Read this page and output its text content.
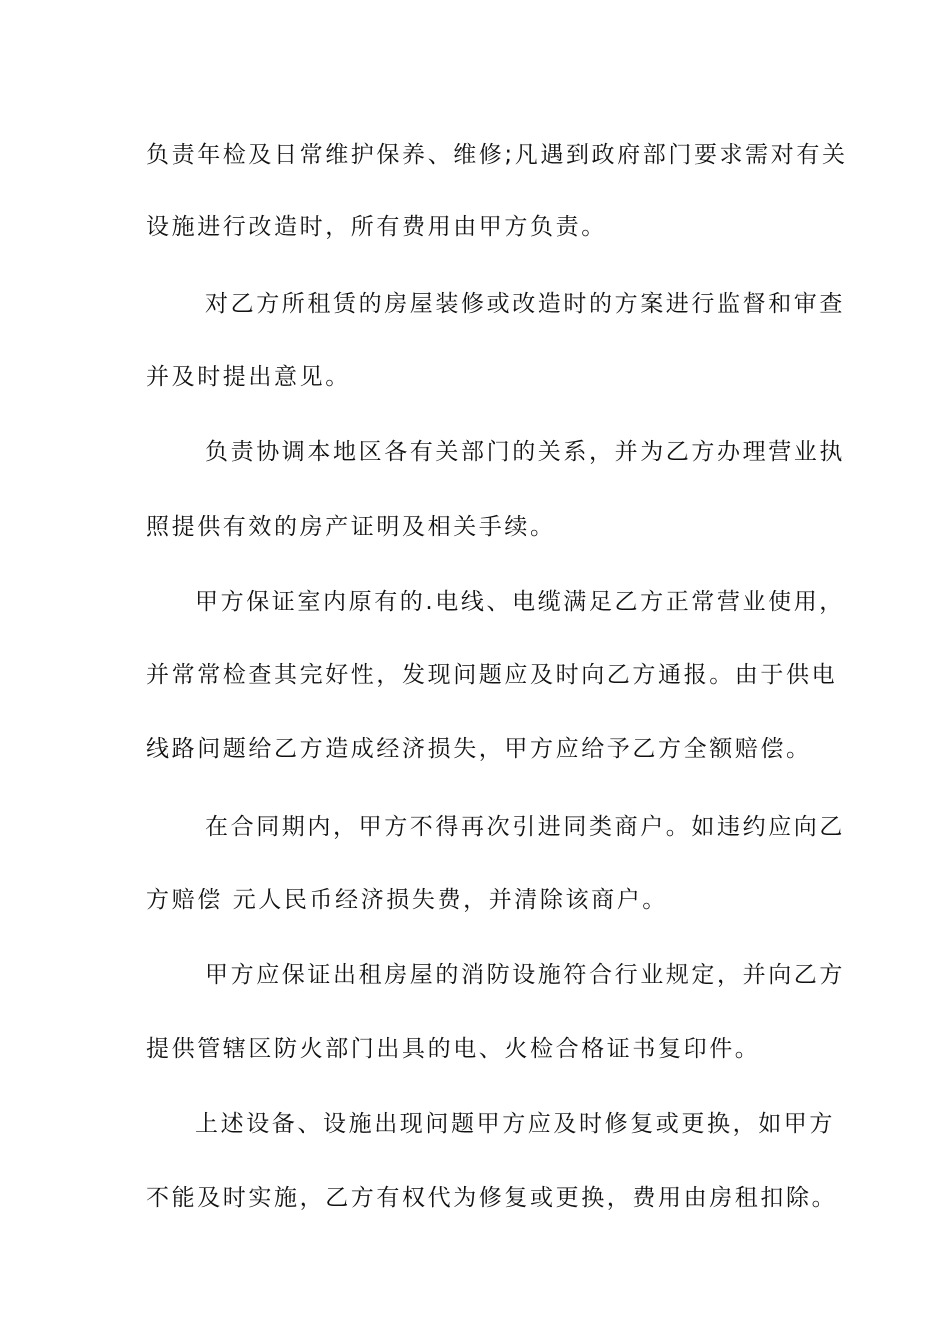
负责年检及日常维护保养、维修;凡遇到政府部门要求需对有关
设施进行改造时，所有费用由甲方负责。
对乙方所租赁的房屋装修或改造时的方案进行监督和审查
并及时提出意见。
负责协调本地区各有关部门的关系，并为乙方办理营业执
照提供有效的房产证明及相关手续。
甲方保证室内原有的.电线、电缆满足乙方正常营业使用，
并常常检查其完好性，发现问题应及时向乙方通报。由于供电
线路问题给乙方造成经济损失，甲方应给予乙方全额赔偿。
在合同期内，甲方不得再次引进同类商户。如违约应向乙
方赔偿 元人民币经济损失费，并清除该商户。
甲方应保证出租房屋的消防设施符合行业规定，并向乙方
提供管辖区防火部门出具的电、火检合格证书复印件。
上述设备、设施出现问题甲方应及时修复或更换，如甲方
不能及时实施，乙方有权代为修复或更换，费用由房租扣除。
